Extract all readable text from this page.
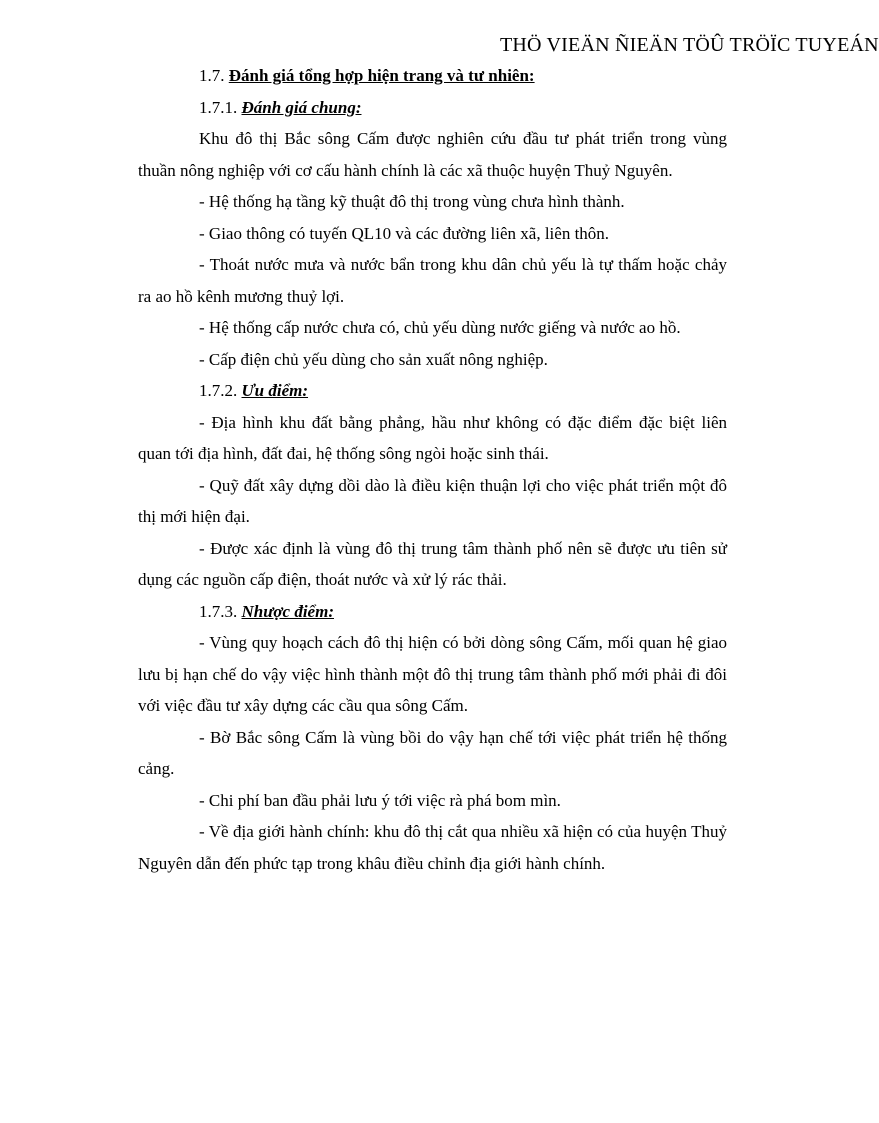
THÖ VIEÄN ÑIEÄN TÖÛ TRÖÏC TUYEÁN

1.7. Đánh giá tổng hợp hiện trang và tư nhiên:

1.7.1. Đánh giá chung:

Khu đô thị Bắc sông Cấm được nghiên cứu đầu tư phát triển trong vùng thuần nông nghiệp với cơ cấu hành chính là các xã thuộc huyện Thuỷ Nguyên.

- Hệ thống hạ tầng kỹ thuật đô thị trong vùng chưa hình thành.

- Giao thông có tuyến QL10 và các đường liên xã, liên thôn.

- Thoát nước mưa và nước bẩn trong khu dân chủ yếu là tự thấm hoặc chảy ra ao hồ kênh mương thuỷ lợi.

- Hệ thống cấp nước chưa có, chủ yếu dùng nước giếng và nước ao hồ.

- Cấp điện chủ yếu dùng cho sản xuất nông nghiệp.

1.7.2. Ưu điểm:

- Địa hình khu đất bằng phẳng, hầu như không có đặc điểm đặc biệt liên quan tới địa hình, đất đai, hệ thống sông ngòi hoặc sinh thái.

- Quỹ đất xây dựng dồi dào là điều kiện thuận lợi cho việc phát triển một đô thị mới hiện đại.

- Được xác định là vùng đô thị trung tâm thành phố nên sẽ được ưu tiên sử dụng các nguồn cấp điện, thoát nước và xử lý rác thải.

1.7.3. Nhược điểm:

- Vùng quy hoạch cách đô thị hiện có bởi dòng sông Cấm, mối quan hệ giao lưu bị hạn chế do vậy việc hình thành một đô thị trung tâm thành phố mới phải đi đôi với việc đầu tư xây dựng các cầu qua sông Cấm.

- Bờ Bắc sông Cấm là vùng bồi do vậy hạn chế tới việc phát triển hệ thống cảng.

- Chi phí ban đầu phải lưu ý tới việc rà phá bom mìn.

- Về địa giới hành chính: khu đô thị cắt qua nhiều xã hiện có của huyện Thuỷ Nguyên dẫn đến phức tạp trong khâu điều chỉnh địa giới hành chính.
